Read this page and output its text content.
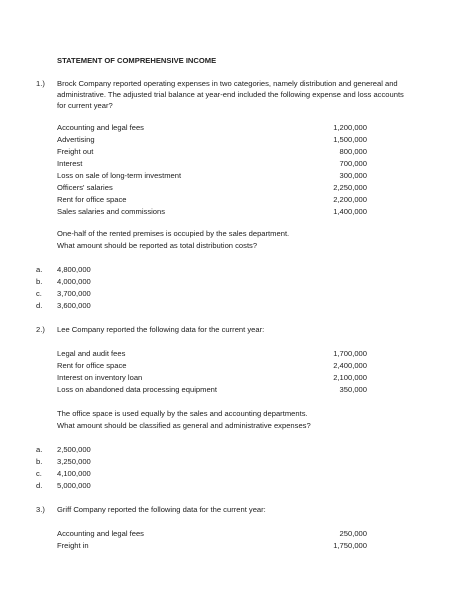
STATEMENT OF COMPREHENSIVE INCOME
1.) Brock Company reported operating expenses in two categories, namely distribution and genereal and
administrative. The adjusted trial balance at year-end included the following expense and loss accounts
for current year?
Accounting and legal fees	1,200,000
Advertising	1,500,000
Freight out	800,000
Interest	700,000
Loss on sale of long-term investment	300,000
Officers' salaries	2,250,000
Rent for office space	2,200,000
Sales salaries and commissions	1,400,000
One-half of the rented premises is occupied by the sales department.
What amount should be reported as total distribution costs?
a. 4,800,000
b. 4,000,000
c. 3,700,000
d. 3,600,000
2.) Lee Company reported the following data for the current year:
Legal and audit fees	1,700,000
Rent for office space	2,400,000
Interest on inventory loan	2,100,000
Loss on abandoned data processing equipment	350,000
The office space is used equally by the sales and accounting departments.
What amount should be classified as general and administrative expenses?
a. 2,500,000
b. 3,250,000
c. 4,100,000
d. 5,000,000
3.) Griff Company reported the following data for the current year:
Accounting and legal fees	250,000
Freight in	1,750,000
